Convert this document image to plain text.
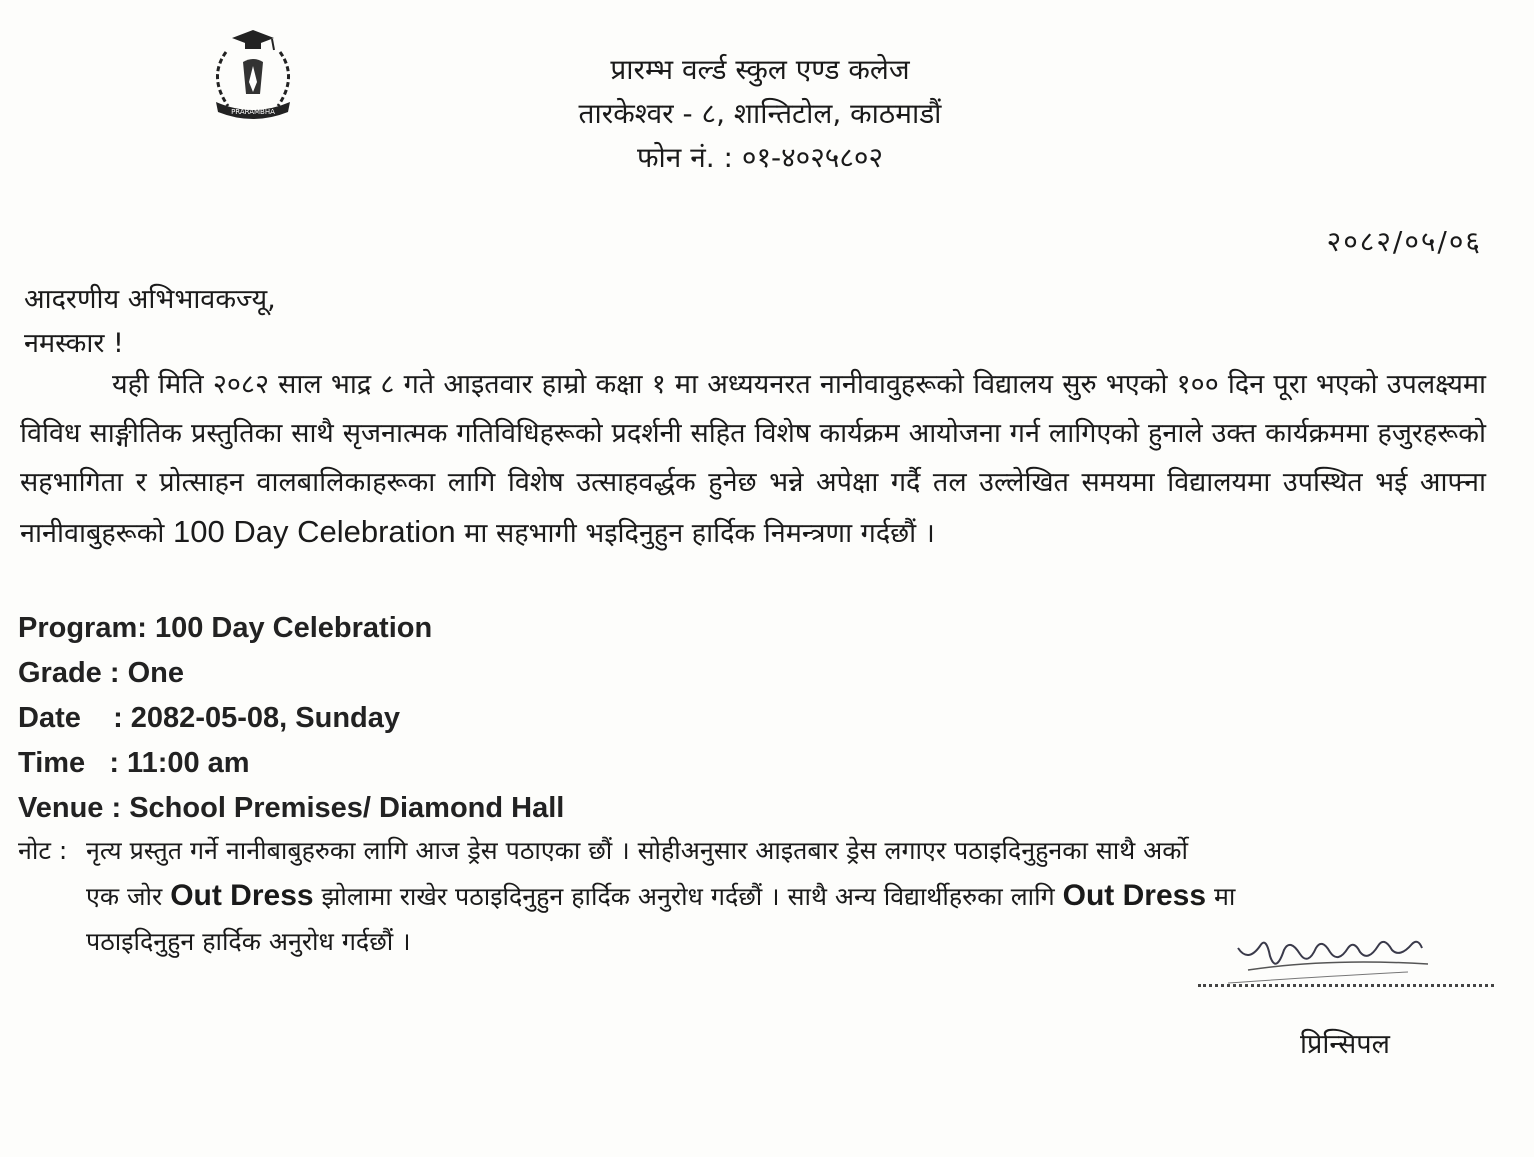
PRARAMBHA
प्रारम्भ वर्ल्ड स्कुल एण्ड कलेज
तारकेश्वर - ८, शान्तिटोल, काठमाडौं
फोन नं. : ०१-४०२५८०२
२०८२/०५/०६
आदरणीय अभिभावकज्यू,
नमस्कार !
यही मिति २०८२ साल भाद्र ८ गते आइतवार हाम्रो कक्षा १ मा अध्ययनरत नानीवावुहरूको विद्यालय सुरु भएको १०० दिन पूरा भएको उपलक्ष्यमा विविध साङ्गीतिक प्रस्तुतिका साथै सृजनात्मक गतिविधिहरूको प्रदर्शनी सहित विशेष कार्यक्रम आयोजना गर्न लागिएको हुनाले उक्त कार्यक्रममा हजुरहरूको सहभागिता र प्रोत्साहन वालबालिकाहरूका लागि विशेष उत्साहवर्द्धक हुनेछ भन्ने अपेक्षा गर्दै तल उल्लेखित समयमा विद्यालयमा उपस्थित भई आफ्ना नानीवाबुहरूको 100 Day Celebration मा सहभागी भइदिनुहुन हार्दिक निमन्त्रणा गर्दछौं ।
Program: 100 Day Celebration
Grade : One
Date    : 2082-05-08, Sunday
Time   : 11:00 am
Venue : School Premises/ Diamond Hall
नोट : नृत्य प्रस्तुत गर्ने नानीबाबुहरुका लागि आज ड्रेस पठाएका छौं । सोहीअनुसार आइतबार ड्रेस लगाएर पठाइदिनुहुनका साथै अर्को
एक जोर Out Dress झोलामा राखेर पठाइदिनुहुन हार्दिक अनुरोध गर्दछौं । साथै अन्य विद्यार्थीहरुका लागि Out Dress मा
पठाइदिनुहुन हार्दिक अनुरोध गर्दछौं ।
प्रिन्सिपल
